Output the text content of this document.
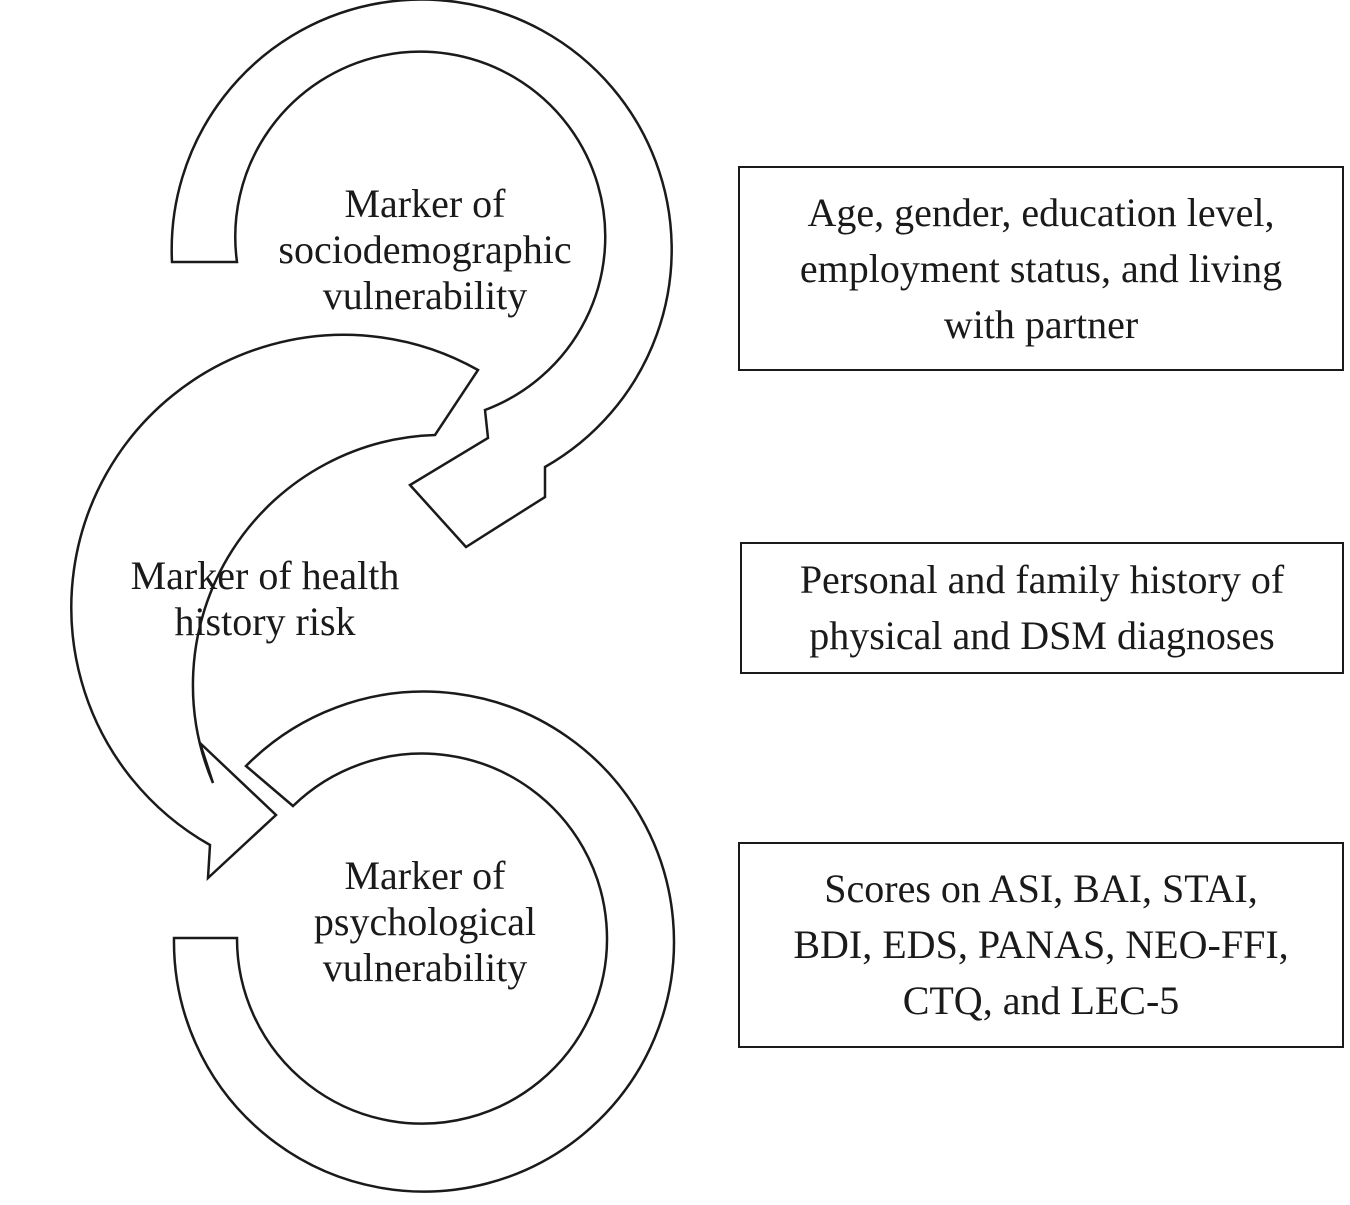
Marker of
sociodemographic
vulnerability
Marker of health
history risk
Marker of
psychological
vulnerability
Age, gender, education level,
employment status, and living
with partner
Personal and family history of
physical and DSM diagnoses
Scores on ASI, BAI, STAI,
BDI, EDS, PANAS, NEO-FFI,
CTQ, and LEC-5
